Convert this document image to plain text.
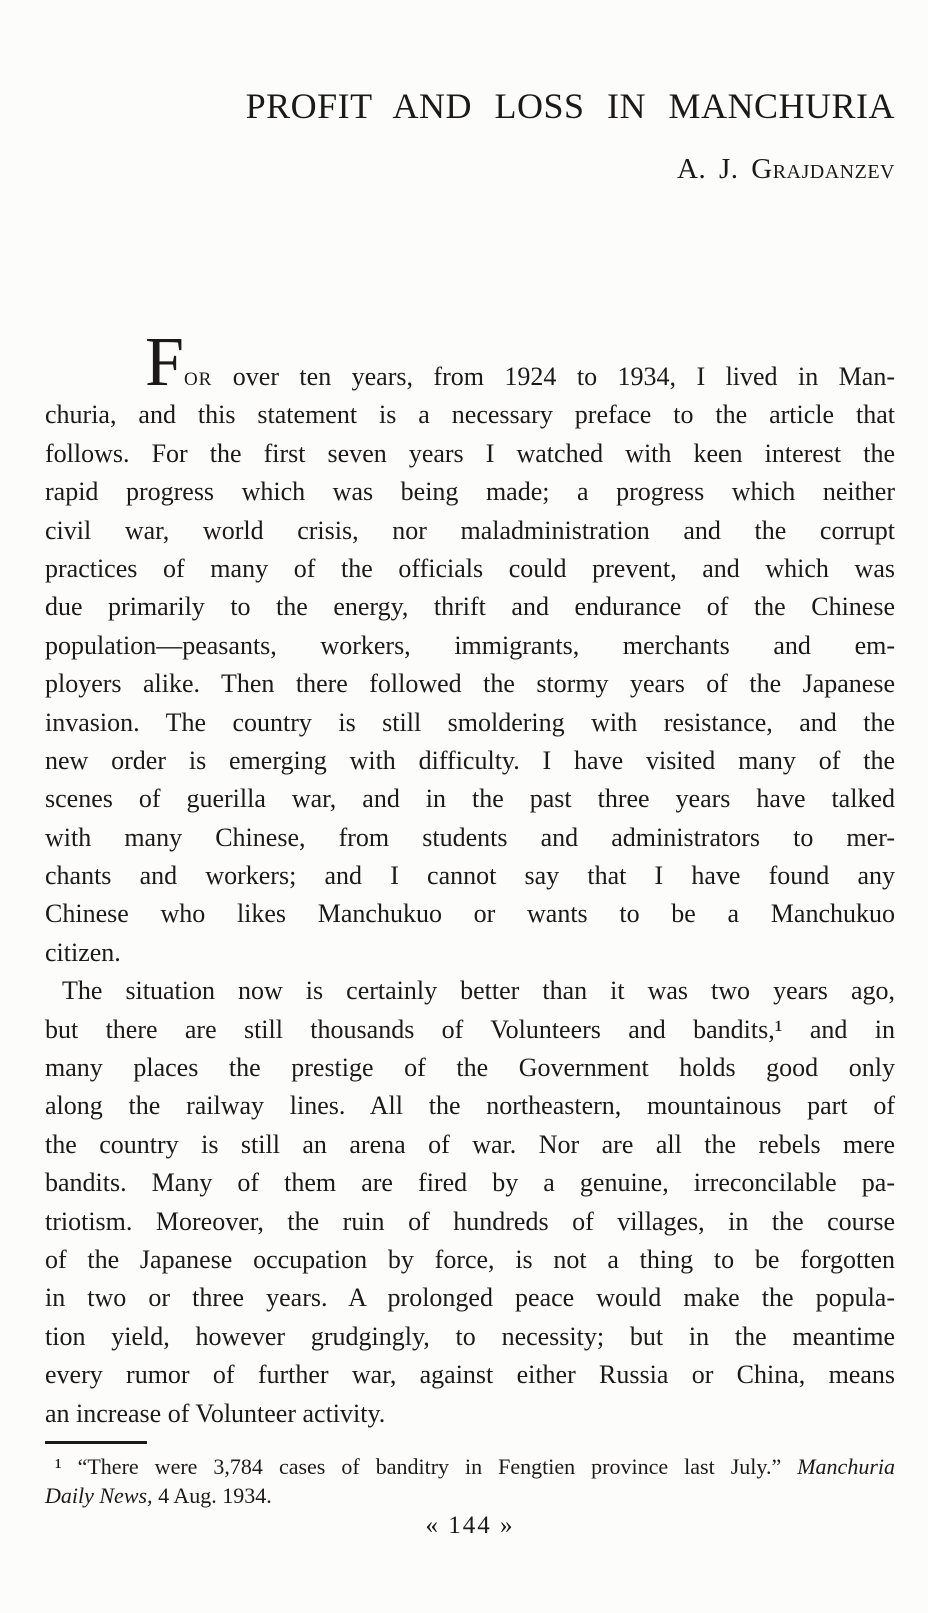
PROFIT AND LOSS IN MANCHURIA
A. J. Grajdanzev
FOR over ten years, from 1924 to 1934, I lived in Man-
churia, and this statement is a necessary preface to the article that
follows. For the first seven years I watched with keen interest the
rapid progress which was being made; a progress which neither
civil war, world crisis, nor maladministration and the corrupt
practices of many of the officials could prevent, and which was
due primarily to the energy, thrift and endurance of the Chinese
population—peasants, workers, immigrants, merchants and em-
ployers alike. Then there followed the stormy years of the Japanese
invasion. The country is still smoldering with resistance, and the
new order is emerging with difficulty. I have visited many of the
scenes of guerilla war, and in the past three years have talked
with many Chinese, from students and administrators to mer-
chants and workers; and I cannot say that I have found any
Chinese who likes Manchukuo or wants to be a Manchukuo
citizen.
The situation now is certainly better than it was two years ago,
but there are still thousands of Volunteers and bandits,¹ and in
many places the prestige of the Government holds good only
along the railway lines. All the northeastern, mountainous part of
the country is still an arena of war. Nor are all the rebels mere
bandits. Many of them are fired by a genuine, irreconcilable pa-
triotism. Moreover, the ruin of hundreds of villages, in the course
of the Japanese occupation by force, is not a thing to be forgotten
in two or three years. A prolonged peace would make the popula-
tion yield, however grudgingly, to necessity; but in the meantime
every rumor of further war, against either Russia or China, means
an increase of Volunteer activity.
¹ “There were 3,784 cases of banditry in Fengtien province last July.” Manchuria
Daily News, 4 Aug. 1934.
« 144 »
